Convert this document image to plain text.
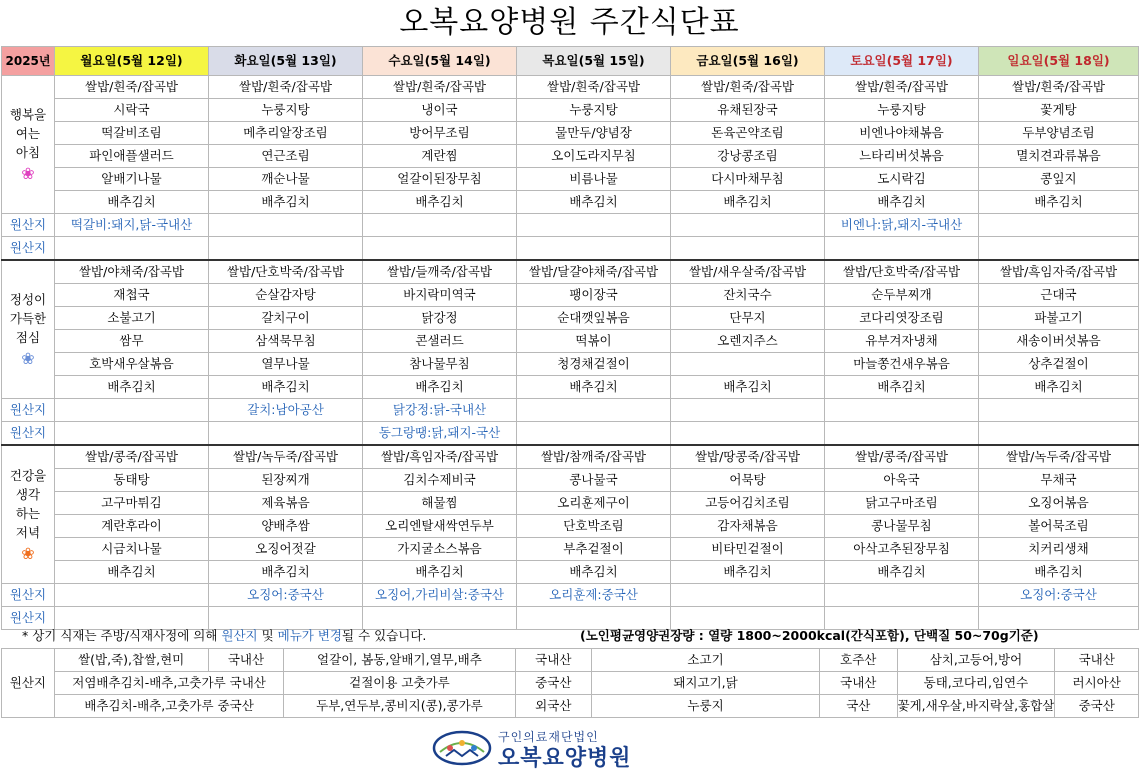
오복요양병원 주간식단표
2025년	월요일(5월 12일)	화요일(5월 13일)	수요일(5월 14일)	목요일(5월 15일)	금요일(5월 16일)	토요일(5월 17일)	일요일(5월 18일)

행복을
여는
아침
❀	쌀밥/흰죽/잡곡밥	쌀밥/흰죽/잡곡밥	쌀밥/흰죽/잡곡밥	쌀밥/흰죽/잡곡밥	쌀밥/흰죽/잡곡밥	쌀밥/흰죽/잡곡밥	쌀밥/흰죽/잡곡밥
	시락국	누룽지탕	냉이국	누룽지탕	유채된장국	누룽지탕	꽃게탕
	떡갈비조림	메추리알장조림	방어무조림	물만두/양념장	돈육곤약조림	비엔나야채볶음	두부양념조림
	파인애플샐러드	연근조림	계란찜	오이도라지무침	강낭콩조림	느타리버섯볶음	멸치견과류볶음
	알배기나물	깨순나물	얼갈이된장무침	비름나물	다시마채무침	도시락김	콩잎지
	배추김치	배추김치	배추김치	배추김치	배추김치	배추김치	배추김치
원산지	떡갈비:돼지,닭-국내산					비엔나:닭,돼지-국내산	
원산지							

정성이
가득한
점심
❀	쌀밥/야채죽/잡곡밥	쌀밥/단호박죽/잡곡밥	쌀밥/들깨죽/잡곡밥	쌀밥/달걀야채죽/잡곡밥	쌀밥/새우살죽/잡곡밥	쌀밥/단호박죽/잡곡밥	쌀밥/흑임자죽/잡곡밥
	재첩국	순살감자탕	바지락미역국	팽이장국	잔치국수	순두부찌개	근대국
	소불고기	갈치구이	닭강정	순대깻잎볶음	단무지	코다리엿장조림	파불고기
	쌈무	삼색묵무침	콘샐러드	떡볶이	오렌지주스	유부겨자냉채	새송이버섯볶음
	호박새우살볶음	열무나물	참나물무침	청경채겉절이		마늘쫑건새우볶음	상추겉절이
	배추김치	배추김치	배추김치	배추김치	배추김치	배추김치	배추김치
원산지		갈치:남아공산	닭강정:닭-국내산				
원산지			동그랑땡:닭,돼지-국산				

건강을
생각
하는
저녁
❀	쌀밥/콩죽/잡곡밥	쌀밥/녹두죽/잡곡밥	쌀밥/흑임자죽/잡곡밥	쌀밥/참깨죽/잡곡밥	쌀밥/땅콩죽/잡곡밥	쌀밥/콩죽/잡곡밥	쌀밥/녹두죽/잡곡밥
	동태탕	된장찌개	김치수제비국	콩나물국	어묵탕	아욱국	무채국
	고구마튀김	제육볶음	해물찜	오리훈제구이	고등어김치조림	닭고구마조림	오징어볶음
	계란후라이	양배추쌈	오리엔탈새싹연두부	단호박조림	감자채볶음	콩나물무침	볼어묵조림
	시금치나물	오징어젓갈	가지굴소스볶음	부추겉절이	비타민겉절이	아삭고추된장무침	치커리생채
	배추김치	배추김치	배추김치	배추김치	배추김치	배추김치	배추김치
원산지		오징어:중국산	오징어,가리비살:중국산	오리훈제:중국산			오징어:중국산
원산지							
* 상기 식재는 주방/식재사정에 의해 원산지 및 메뉴가 변경될 수 있습니다.	(노인평균영양권장량 : 열량 1800~2000kcal(간식포함), 단백질 50~70g기준)
원산지	쌀(밥,죽),찹쌀,현미	국내산	얼갈이, 봄동,알배기,열무,배추	국내산	소고기	호주산	삼치,고등어,방어	국내산
	저염배추김치-배추,고춧가루 국내산		겉절이용 고춧가루	중국산	돼지고기,닭	국내산	동태,코다리,임연수	러시아산
	배추김치-배추,고춧가루 중국산		두부,연두부,콩비지(콩),콩가루	외국산	누룽지	국산	꽃게,새우살,바지락살,홍합살	중국산
구인의료재단법인
오복요양병원
